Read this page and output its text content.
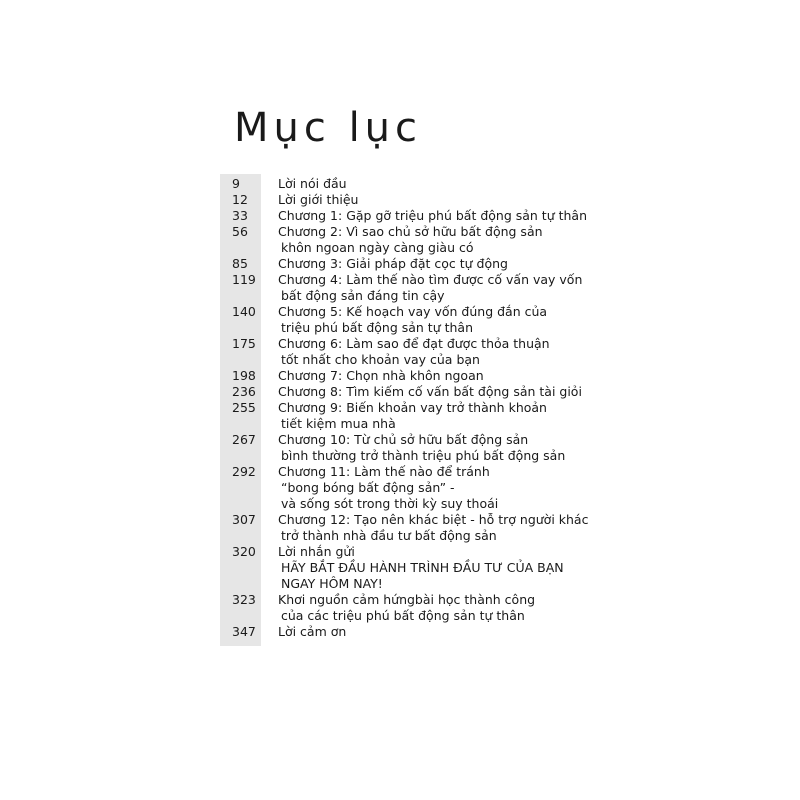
Mục lục
9	Lời nói đầu
12	Lời giới thiệu
33	Chương 1: Gặp gỡ triệu phú bất động sản tự thân
56	Chương 2: Vì sao chủ sở hữu bất động sản
khôn ngoan ngày càng giàu có
85	Chương 3: Giải pháp đặt cọc tự động
119	Chương 4: Làm thế nào tìm được cố vấn vay vốn
bất động sản đáng tin cậy
140	Chương 5: Kế hoạch vay vốn đúng đắn của
triệu phú bất động sản tự thân
175	Chương 6: Làm sao để đạt được thỏa thuận
tốt nhất cho khoản vay của bạn
198	Chương 7: Chọn nhà khôn ngoan
236	Chương 8: Tìm kiếm cố vấn bất động sản tài giỏi
255	Chương 9: Biến khoản vay trở thành khoản
tiết kiệm mua nhà
267	Chương 10: Từ chủ sở hữu bất động sản
bình thường trở thành triệu phú bất động sản
292	Chương 11: Làm thế nào để tránh
“bong bóng bất động sản” -
và sống sót trong thời kỳ suy thoái
307	Chương 12: Tạo nên khác biệt - hỗ trợ người khác
trở thành nhà đầu tư bất động sản
320	Lời nhắn gửi
HÃY BẮT ĐẦU HÀNH TRÌNH ĐẦU TƯ CỦA BẠN
NGAY HÔM NAY!
323	Khơi nguồn cảm hứngbài học thành công
của các triệu phú bất động sản tự thân
347	Lời cảm ơn
